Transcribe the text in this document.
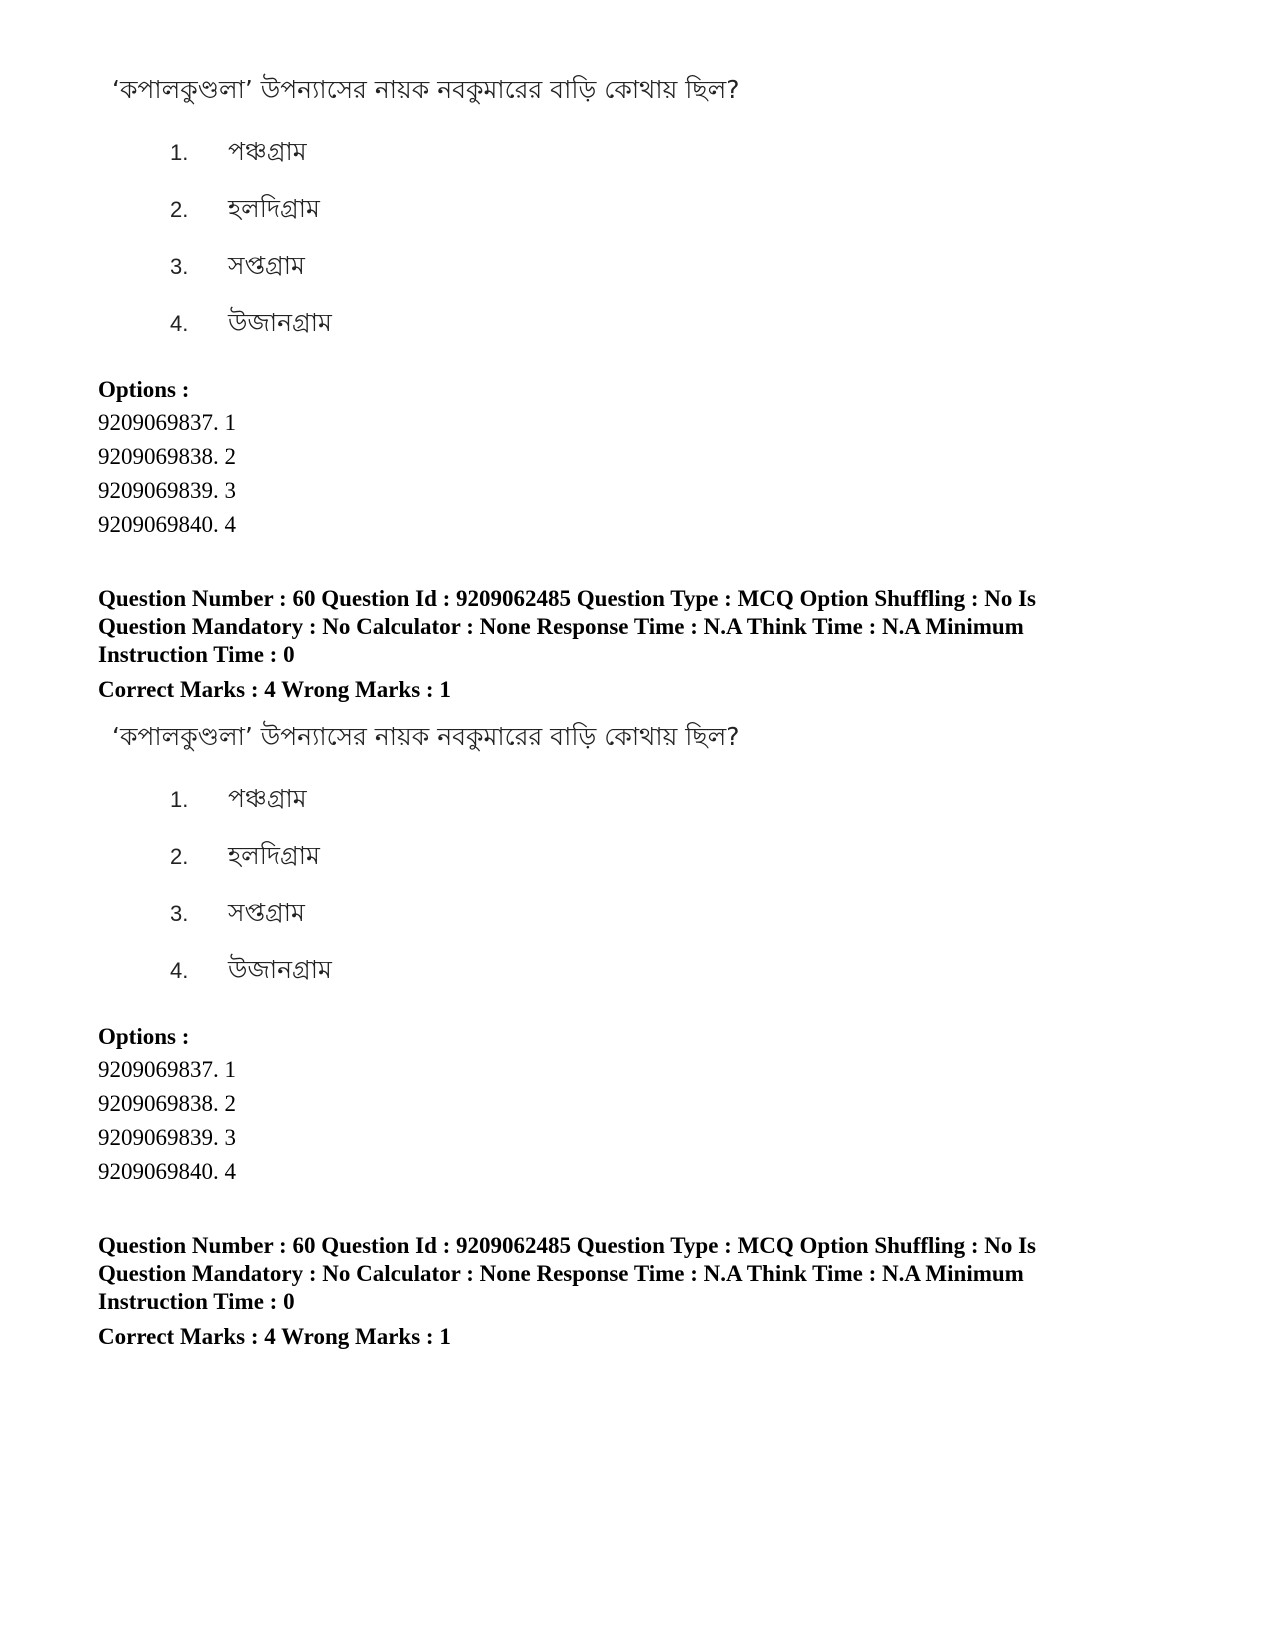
‘কপালকুণ্ডলা’ উপন্যাসের নায়ক নবকুমারের বাড়ি কোথায় ছিল?
1. পঞ্চগ্রাম
2. হলদিগ্রাম
3. সপ্তগ্রাম
4. উজানগ্রাম
Options :
9209069837. 1
9209069838. 2
9209069839. 3
9209069840. 4
Question Number : 60 Question Id : 9209062485 Question Type : MCQ Option Shuffling : No Is
Question Mandatory : No Calculator : None Response Time : N.A Think Time : N.A Minimum
Instruction Time : 0
Correct Marks : 4 Wrong Marks : 1
‘কপালকুণ্ডলা’ উপন্যাসের নায়ক নবকুমারের বাড়ি কোথায় ছিল?
1. পঞ্চগ্রাম
2. হলদিগ্রাম
3. সপ্তগ্রাম
4. উজানগ্রাম
Options :
9209069837. 1
9209069838. 2
9209069839. 3
9209069840. 4
Question Number : 60 Question Id : 9209062485 Question Type : MCQ Option Shuffling : No Is
Question Mandatory : No Calculator : None Response Time : N.A Think Time : N.A Minimum
Instruction Time : 0
Correct Marks : 4 Wrong Marks : 1
